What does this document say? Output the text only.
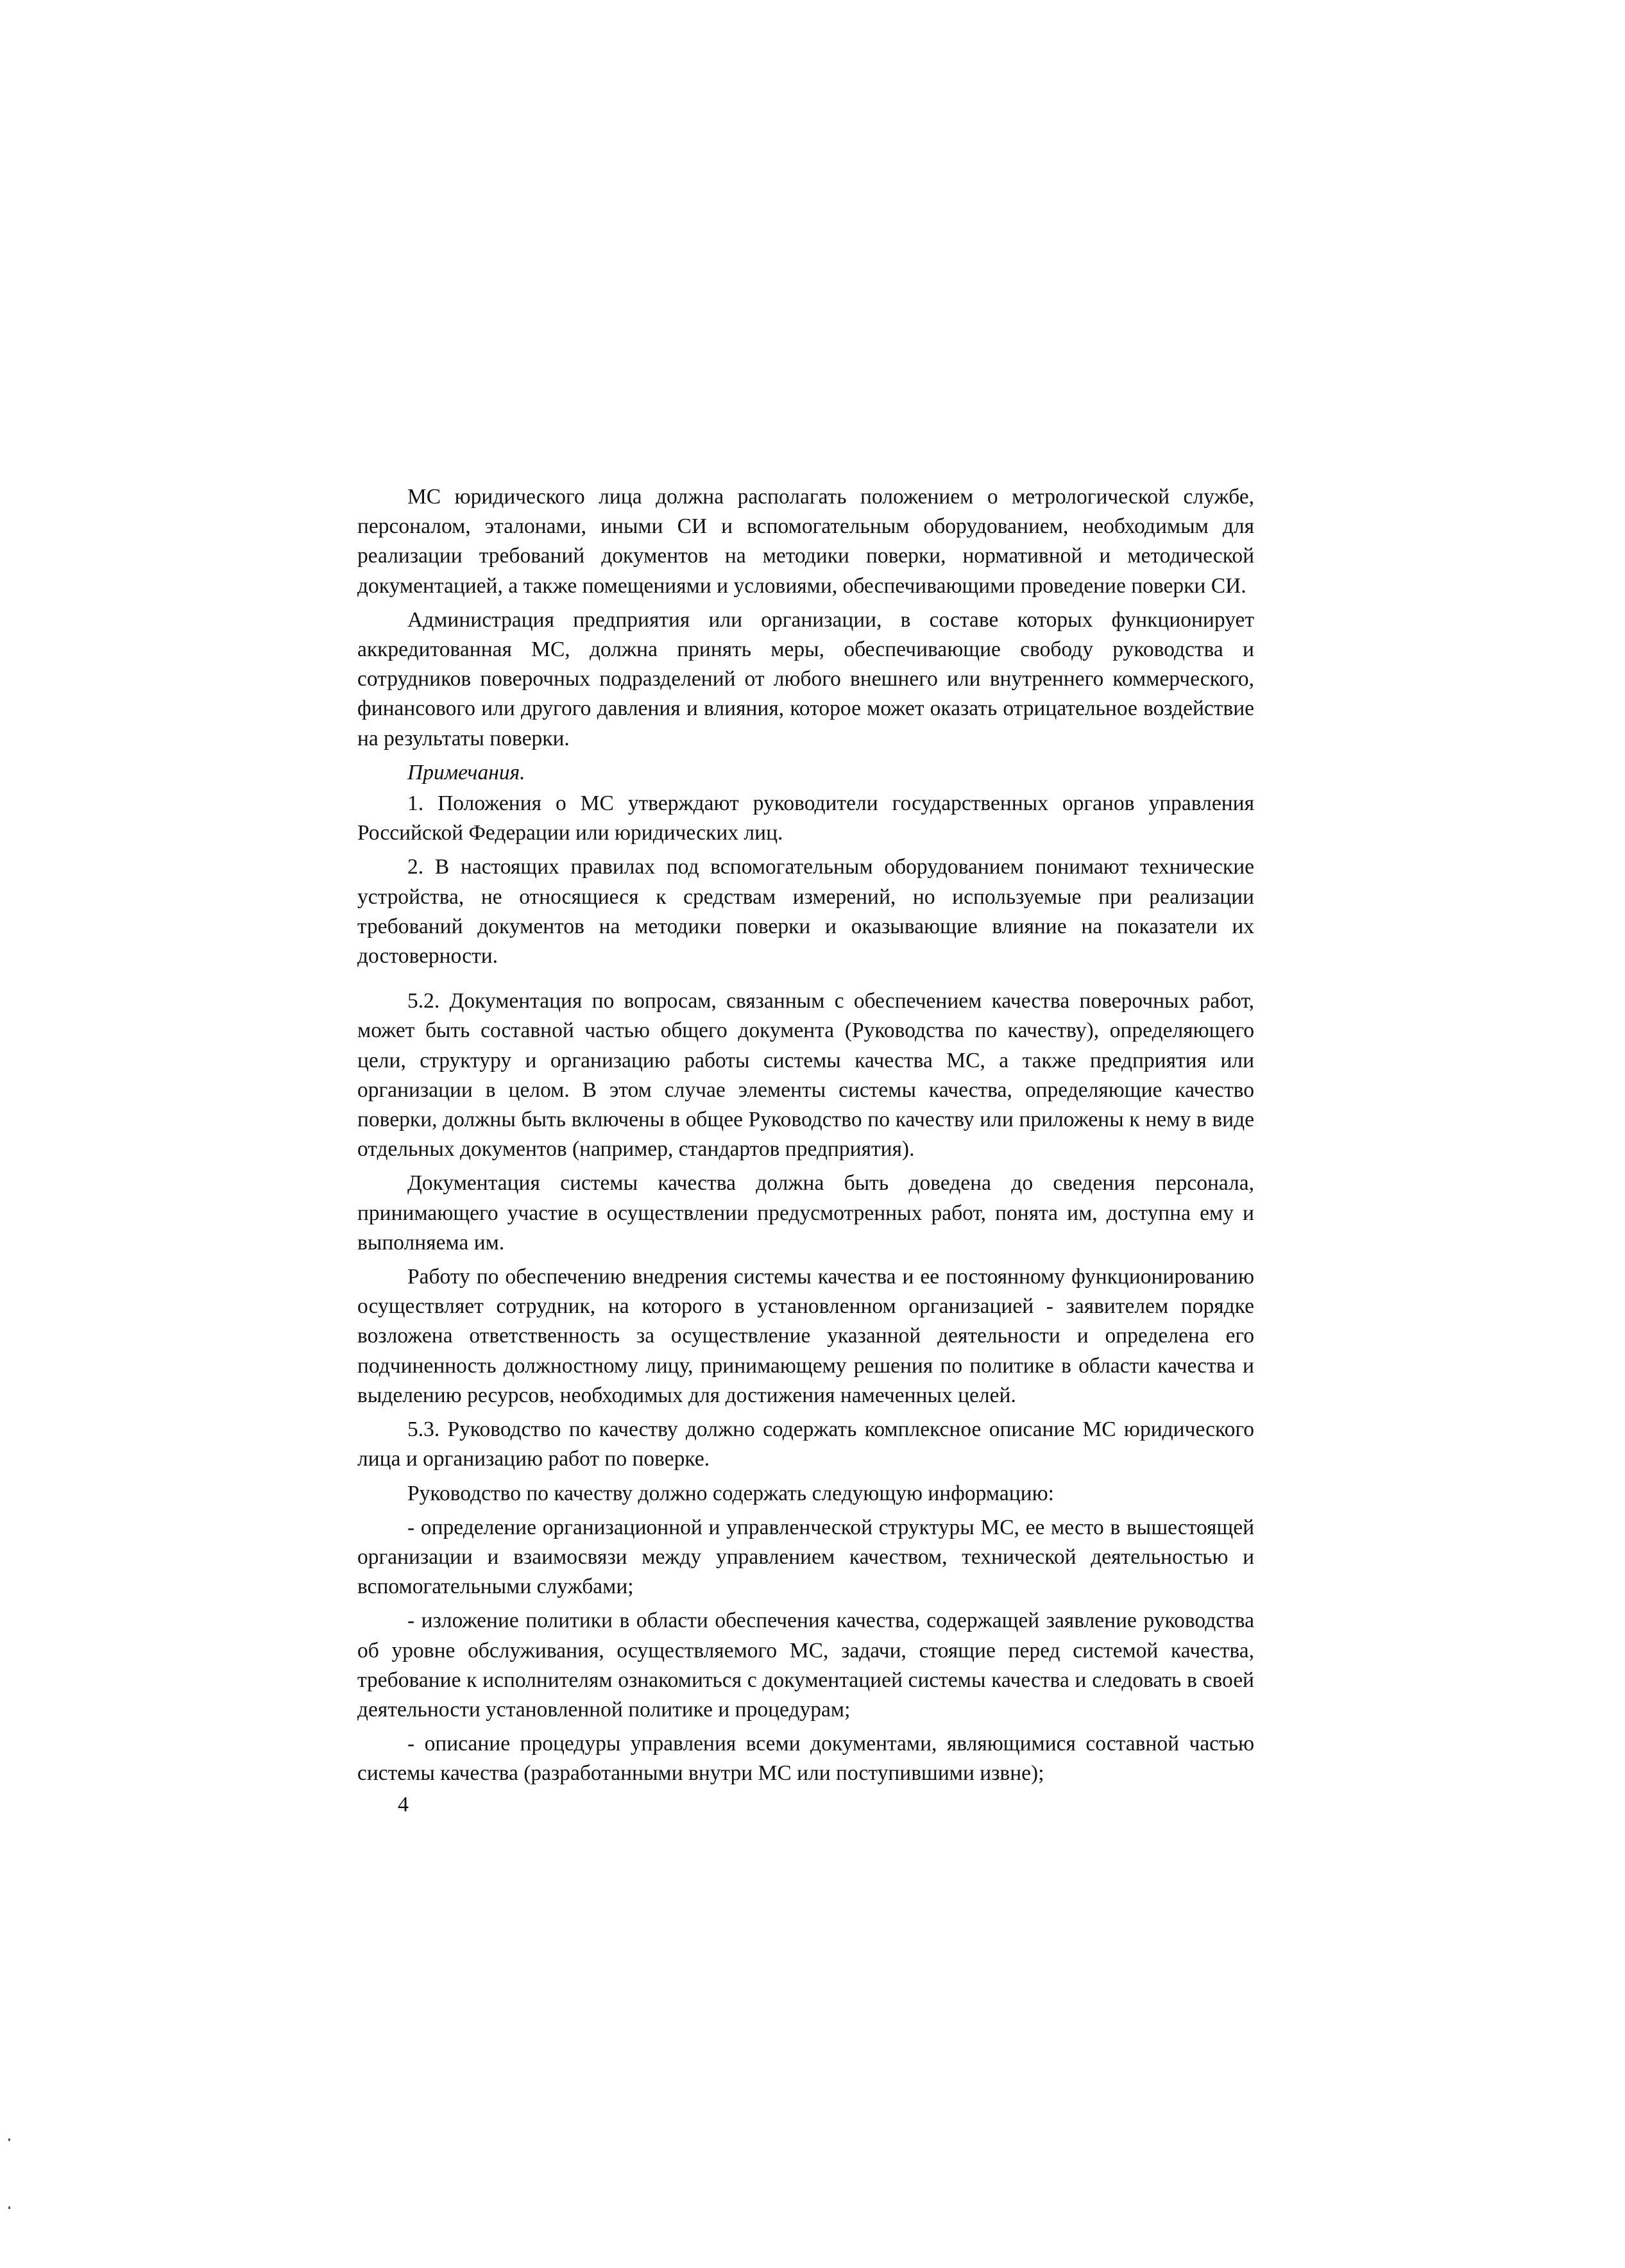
МС юридического лица должна располагать положением о метрологической службе, персоналом, эталонами, иными СИ и вспомогательным оборудованием, необходимым для реализации требований документов на методики поверки, нормативной и методической документацией, а также помещениями и условиями, обеспечивающими проведение поверки СИ.

Администрация предприятия или организации, в составе которых функционирует аккредитованная МС, должна принять меры, обеспечивающие свободу руководства и сотрудников поверочных подразделений от любого внешнего или внутреннего коммерческого, финансового или другого давления и влияния, которое может оказать отрицательное воздействие на результаты поверки.

Примечания.

1. Положения о МС утверждают руководители государственных органов управления Российской Федерации или юридических лиц.

2. В настоящих правилах под вспомогательным оборудованием понимают технические устройства, не относящиеся к средствам измерений, но используемые при реализации требований документов на методики поверки и оказывающие влияние на показатели их достоверности.

5.2. Документация по вопросам, связанным с обеспечением качества поверочных работ, может быть составной частью общего документа (Руководства по качеству), определяющего цели, структуру и организацию работы системы качества МС, а также предприятия или организации в целом. В этом случае элементы системы качества, определяющие качество поверки, должны быть включены в общее Руководство по качеству или приложены к нему в виде отдельных документов (например, стандартов предприятия).

Документация системы качества должна быть доведена до сведения персонала, принимающего участие в осуществлении предусмотренных работ, понята им, доступна ему и выполняема им.

Работу по обеспечению внедрения системы качества и ее постоянному функционированию осуществляет сотрудник, на которого в установленном организацией - заявителем порядке возложена ответственность за осуществление указанной деятельности и определена его подчиненность должностному лицу, принимающему решения по политике в области качества и выделению ресурсов, необходимых для достижения намеченных целей.

5.3. Руководство по качеству должно содержать комплексное описание МС юридического лица и организацию работ по поверке.

Руководство по качеству должно содержать следующую информацию:

- определение организационной и управленческой структуры МС, ее место в вышестоящей организации и взаимосвязи между управлением качеством, технической деятельностью и вспомогательными службами;

- изложение политики в области обеспечения качества, содержащей заявление руководства об уровне обслуживания, осуществляемого МС, задачи, стоящие перед системой качества, требование к исполнителям ознакомиться с документацией системы качества и следовать в своей деятельности установленной политике и процедурам;

- описание процедуры управления всеми документами, являющимися составной частью системы качества (разработанными внутри МС или поступившими извне);

4
